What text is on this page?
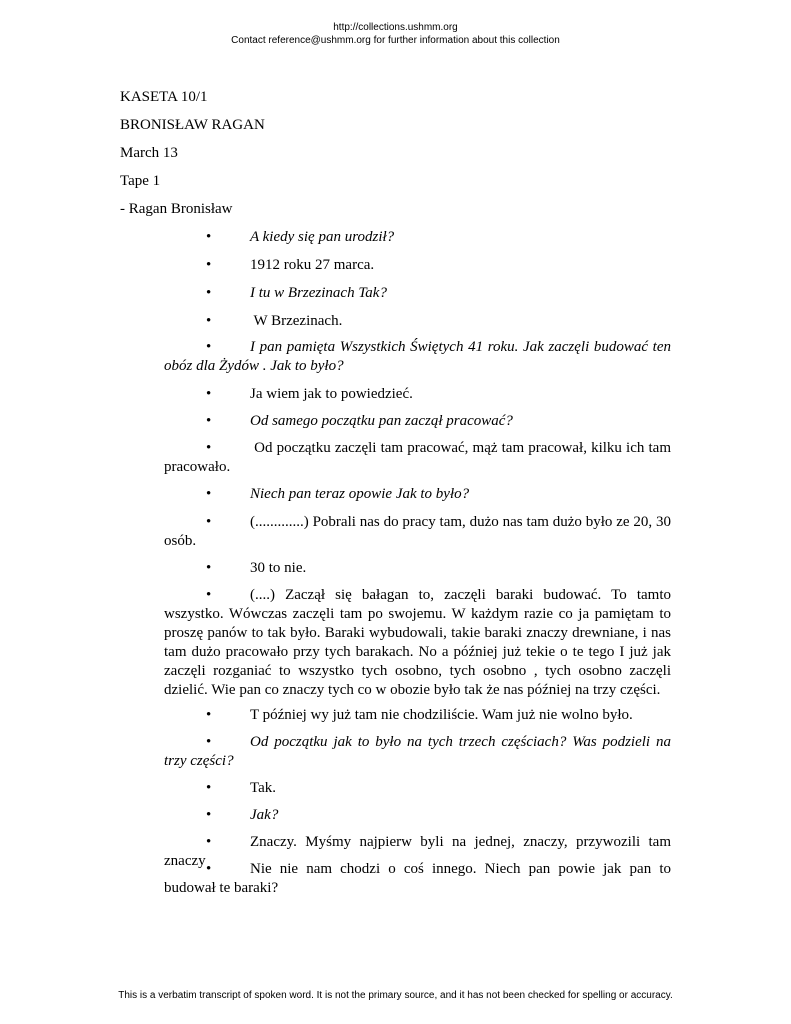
http://collections.ushmm.org
Contact reference@ushmm.org for further information about this collection
KASETA 10/1
BRONISŁAW RAGAN
March 13
Tape 1
- Ragan Bronisław
•	A kiedy się pan urodził?
•	1912 roku 27 marca.
•	I tu w Brzezinach Tak?
•	W Brzezinach.
•	I pan pamięta Wszystkich Świętych 41 roku. Jak zaczęli budować ten obóz dla Żydów . Jak to było?
•	Ja wiem jak to powiedzieć.
•	Od samego początku pan zaczął pracować?
•	Od początku zaczęli tam pracować, mąż tam pracował, kilku ich tam pracowało.
•	Niech pan teraz opowie Jak to było?
•	(.............) Pobrali nas do pracy tam, dużo nas tam dużo było ze 20, 30 osób.
•	30 to nie.
•	(....) Zaczął się bałagan to, zaczęli baraki budować. To tamto wszystko. Wówczas zaczęli tam po swojemu. W każdym razie co ja pamiętam to proszę panów to tak było. Baraki wybudowali, takie baraki znaczy drewniane, i nas tam dużo pracowało przy tych barakach. No a później już tekie o te tego I już jak zaczęli rozganiać to wszystko tych osobno, tych osobno , tych osobno zaczęli dzielić. Wie pan co znaczy tych co w obozie było tak że nas później na trzy części.
•	T później wy już tam nie chodziliście. Wam już nie wolno było.
•	Od początku jak to było na tych trzech częściach? Was podzieli na trzy części?
•	Tak.
•	Jak?
•	Znaczy. Myśmy najpierw byli na jednej, znaczy, przywozili tam znaczy •	Nie nie nam chodzi o coś innego. Niech pan powie jak pan to budował te baraki?
This is a verbatim transcript of spoken word. It is not the primary source, and it has not been checked for spelling or accuracy.
